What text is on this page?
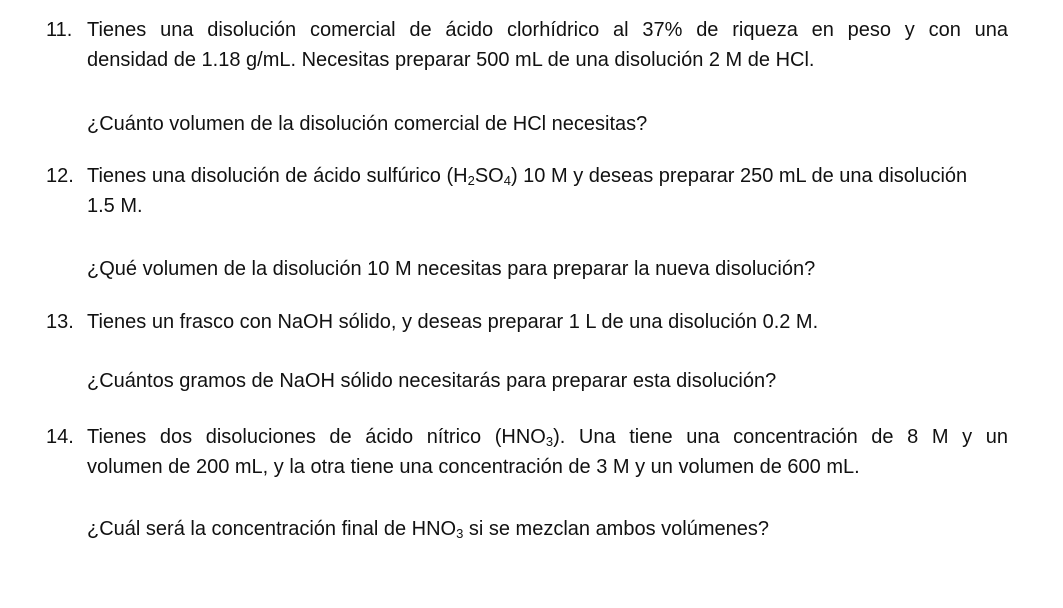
11. Tienes una disolución comercial de ácido clorhídrico al 37% de riqueza en peso y con una
densidad de 1.18 g/mL. Necesitas preparar 500 mL de una disolución 2 M de HCl.
¿Cuánto volumen de la disolución comercial de HCl necesitas?
12. Tienes una disolución de ácido sulfúrico $(H_2SO_4)$ 10 M y deseas preparar 250 mL de una disolución
1.5 M.
¿Qué volumen de la disolución 10 M necesitas para preparar la nueva disolución?
13. Tienes un frasco con NaOH sólido, y deseas preparar 1 L de una disolución 0.2 M.
¿Cuántos gramos de NaOH sólido necesitarás para preparar esta disolución?
14. Tienes dos disoluciones de ácido nítrico $(HNO_3)$. Una tiene una concentración de 8 M y un
volumen de 200 mL, y la otra tiene una concentración de 3 M y un volumen de 600 mL.
¿Cuál será la concentración final de $HNO_3$ si se mezclan ambos volúmenes?
